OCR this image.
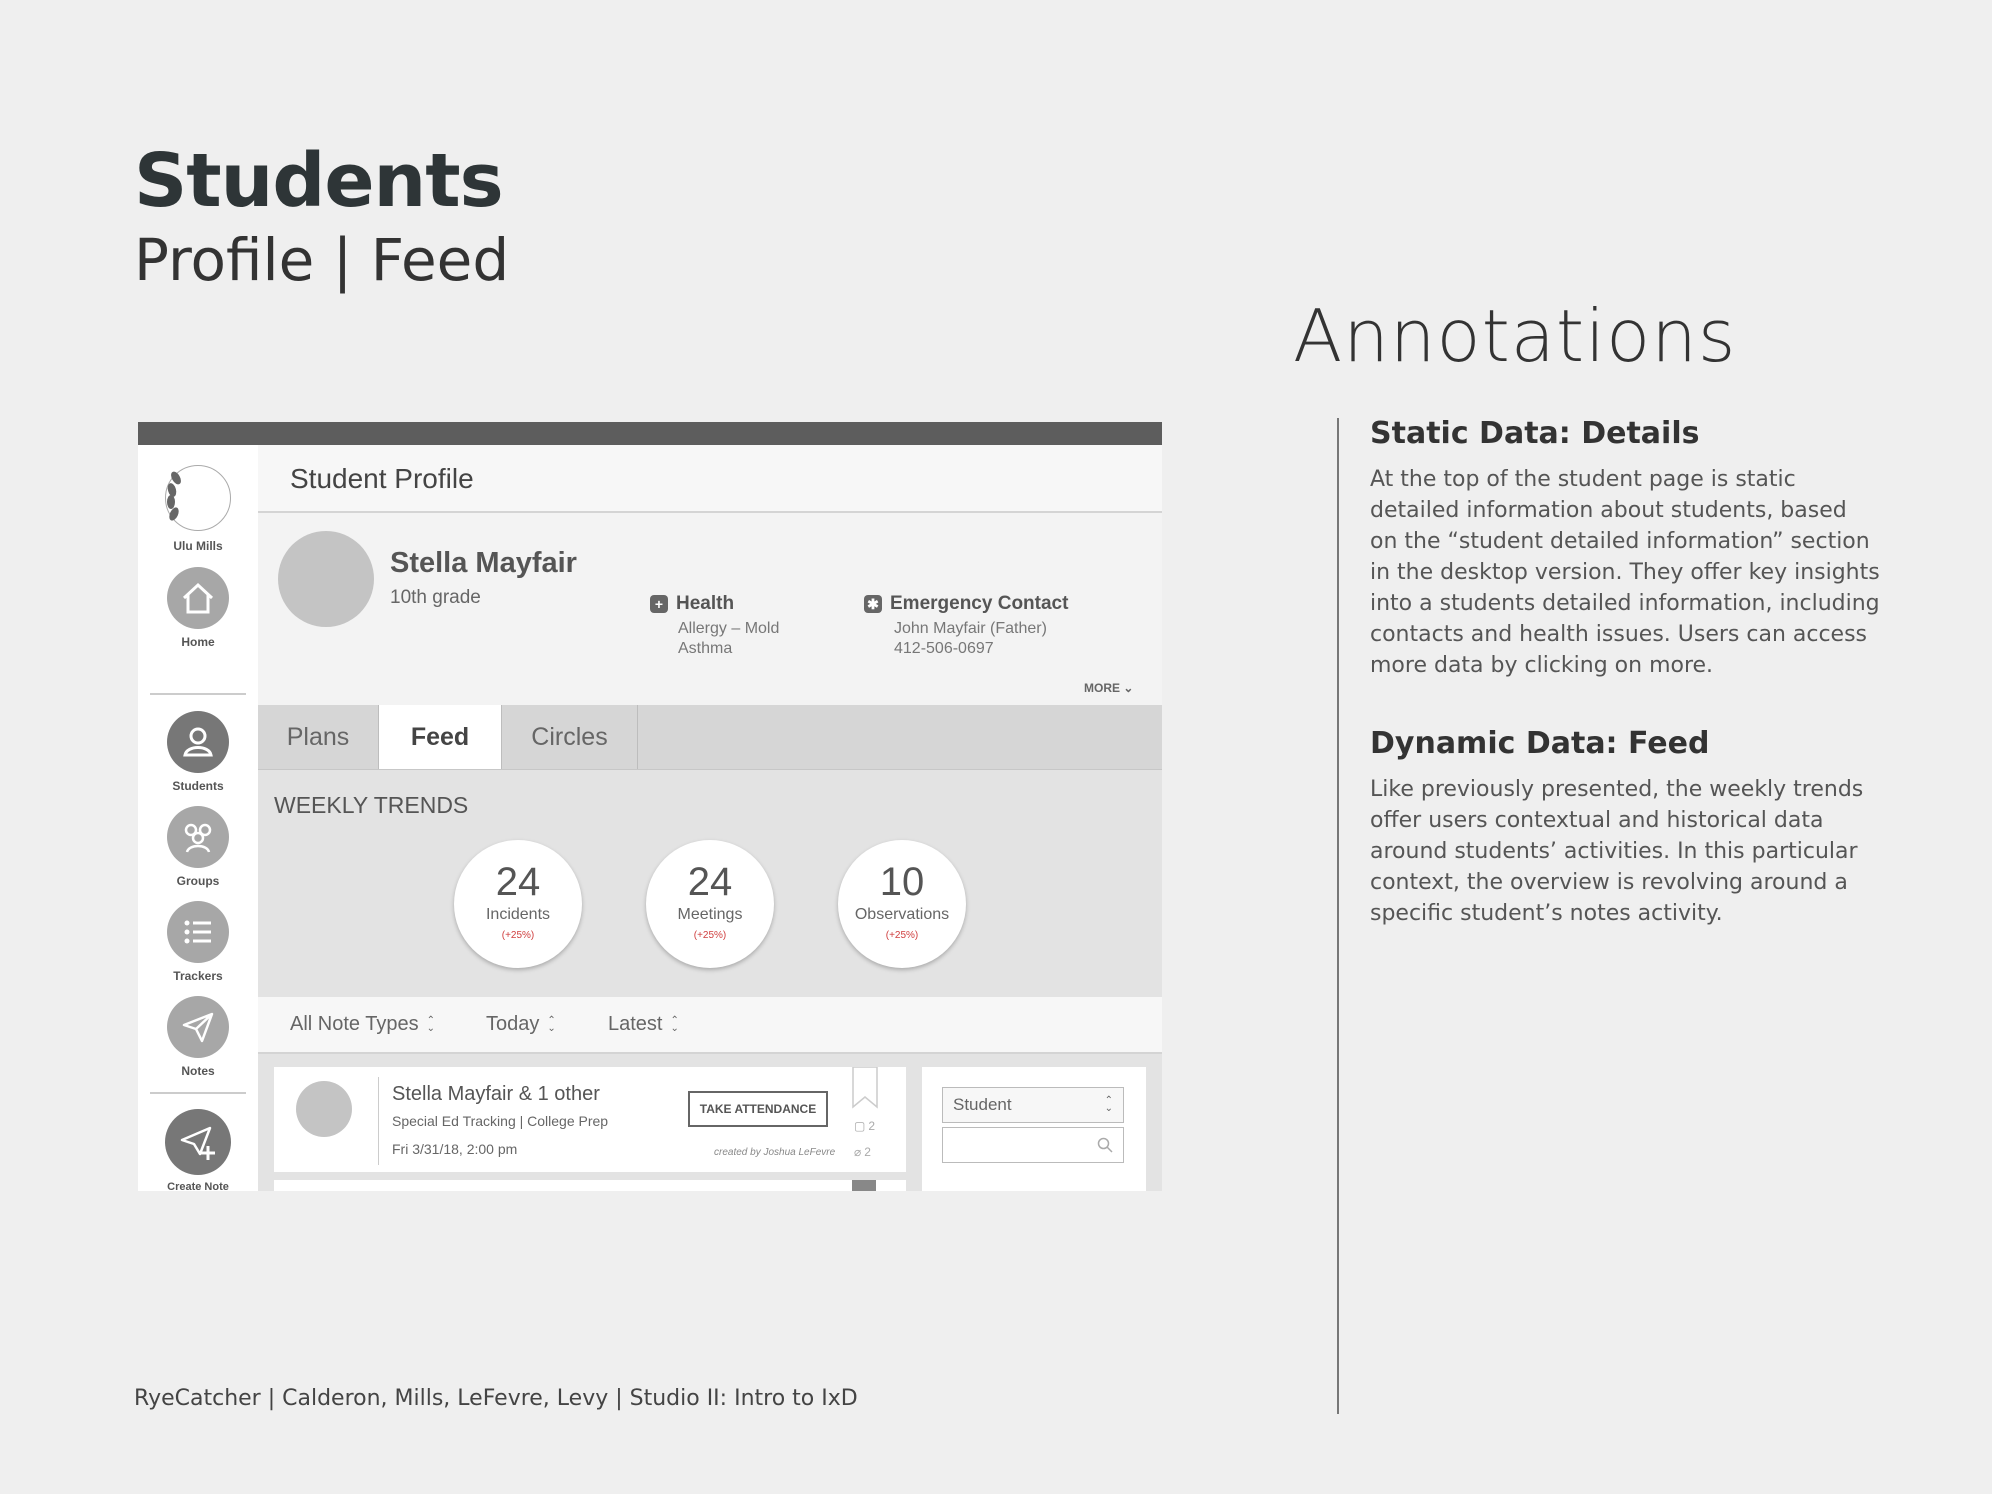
Students
Profile | Feed
Annotations
Static Data: Details
At the top of the student page is static detailed information about students, based on the “student detailed information” section in the desktop version. They offer key insights into a students detailed information, including contacts and health issues. Users can access more data by clicking on more.
Dynamic Data: Feed
Like previously presented, the weekly trends offer users contextual and historical data around students’ activities. In this particular context, the overview is revolving around a specific student’s notes activity.
RyeCatcher | Calderon, Mills, LeFevre, Levy | Studio II: Intro to IxD
Ulu Mills
Home
Students
Groups
Trackers
Notes
Create Note
Student Profile
Stella Mayfair
10th grade	+ Health
Allergy – Mold
Asthma
✱ Emergency Contact
John Mayfair (Father)
412-506-0697
MORE ⌄
Plans	Feed	Circles
WEEKLY TRENDS
24
Incidents
(+25%)
24
Meetings
(+25%)
10
Observations
(+25%)
All Note Types ⌃
⌄	Today ⌃
⌄	Latest ⌃
⌄
Stella Mayfair & 1 other
Special Ed Tracking | College Prep
Fri 3/31/18, 2:00 pm
TAKE ATTENDANCE
created by Joshua LeFevre
▢ 2
⌀ 2
Student	⌃
⌄
